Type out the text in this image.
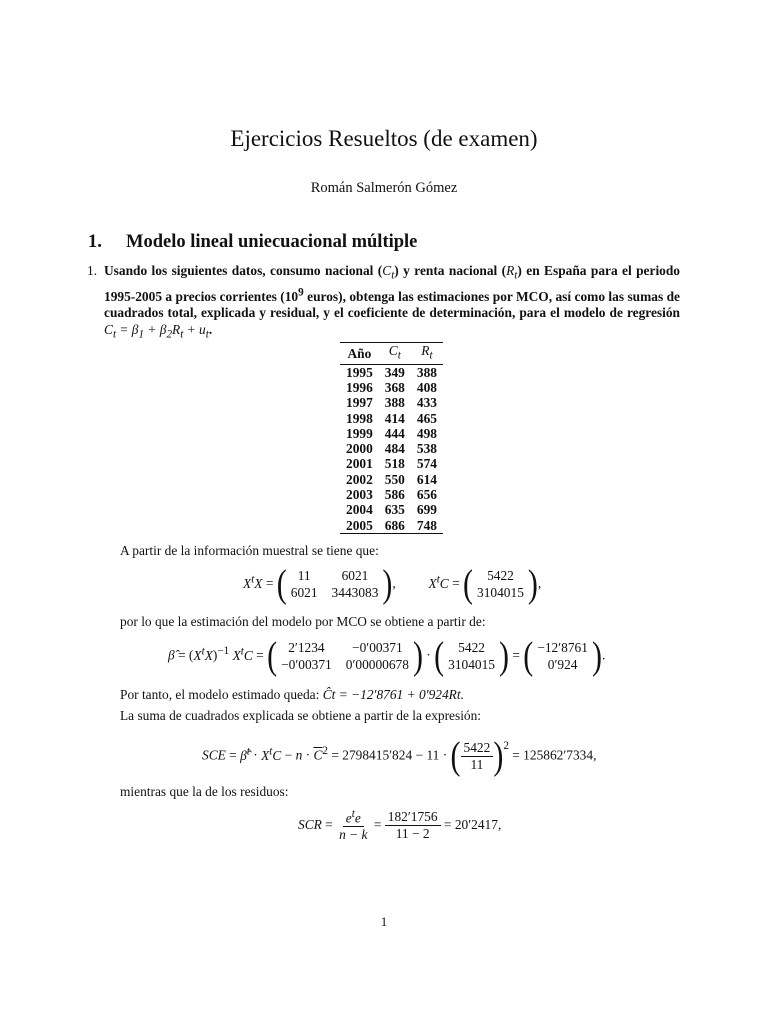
Ejercicios Resueltos (de examen)
Román Salmerón Gómez
1. Modelo lineal uniecuacional múltiple
1. Usando los siguientes datos, consumo nacional $(C_t)$ y renta nacional $(R_t)$ en España para el periodo 1995-2005 a precios corrientes ($10^9$ euros), obtenga las estimaciones por MCO, así como las sumas de cuadrados total, explicada y residual, y el coeficiente de determinación, para el modelo de regresión $C_t = \beta_1 + \beta_2R_t + u_t$.
Año	$C_t$	$R_t$
1995	349	388
1996	368	408
1997	388	433
1998	414	465
1999	444	498
2000	484	538
2001	518	574
2002	550	614
2003	586	656
2004	635	699
2005	686	748
A partir de la información muestral se tiene que:
$X^tX$ = ( 11	6021
6021 3443083 ) , $X^tC$ = (	5422
3104015 ) ,
por lo que la estimación del modelo por MCO se obtiene a partir de:
β̂ = $(X^tX)^{-1}$ $X^tC$ = ( 2′1234	−0′00371
−0′00371 0′00000678 ) · (	5422
3104015 ) = ( −12′8761
0′924 ) .
Por tanto, el modelo estimado queda: Ĉt = −12′8761 + 0′924Rt.
La suma de cuadrados explicada se obtiene a partir de la expresión:
SCE = β̂$^t$ · $X^tC - n \cdot \overline{C}^2 = 2798415'824 - 11$ · ( $\frac{5422}{11} )^2$
= 125862′7334,
mientras que la de los residuos:
SCR = $\frac{e^te}{n - k} = \frac{182'1756}{11 - 2} = 20'2417$,
1
